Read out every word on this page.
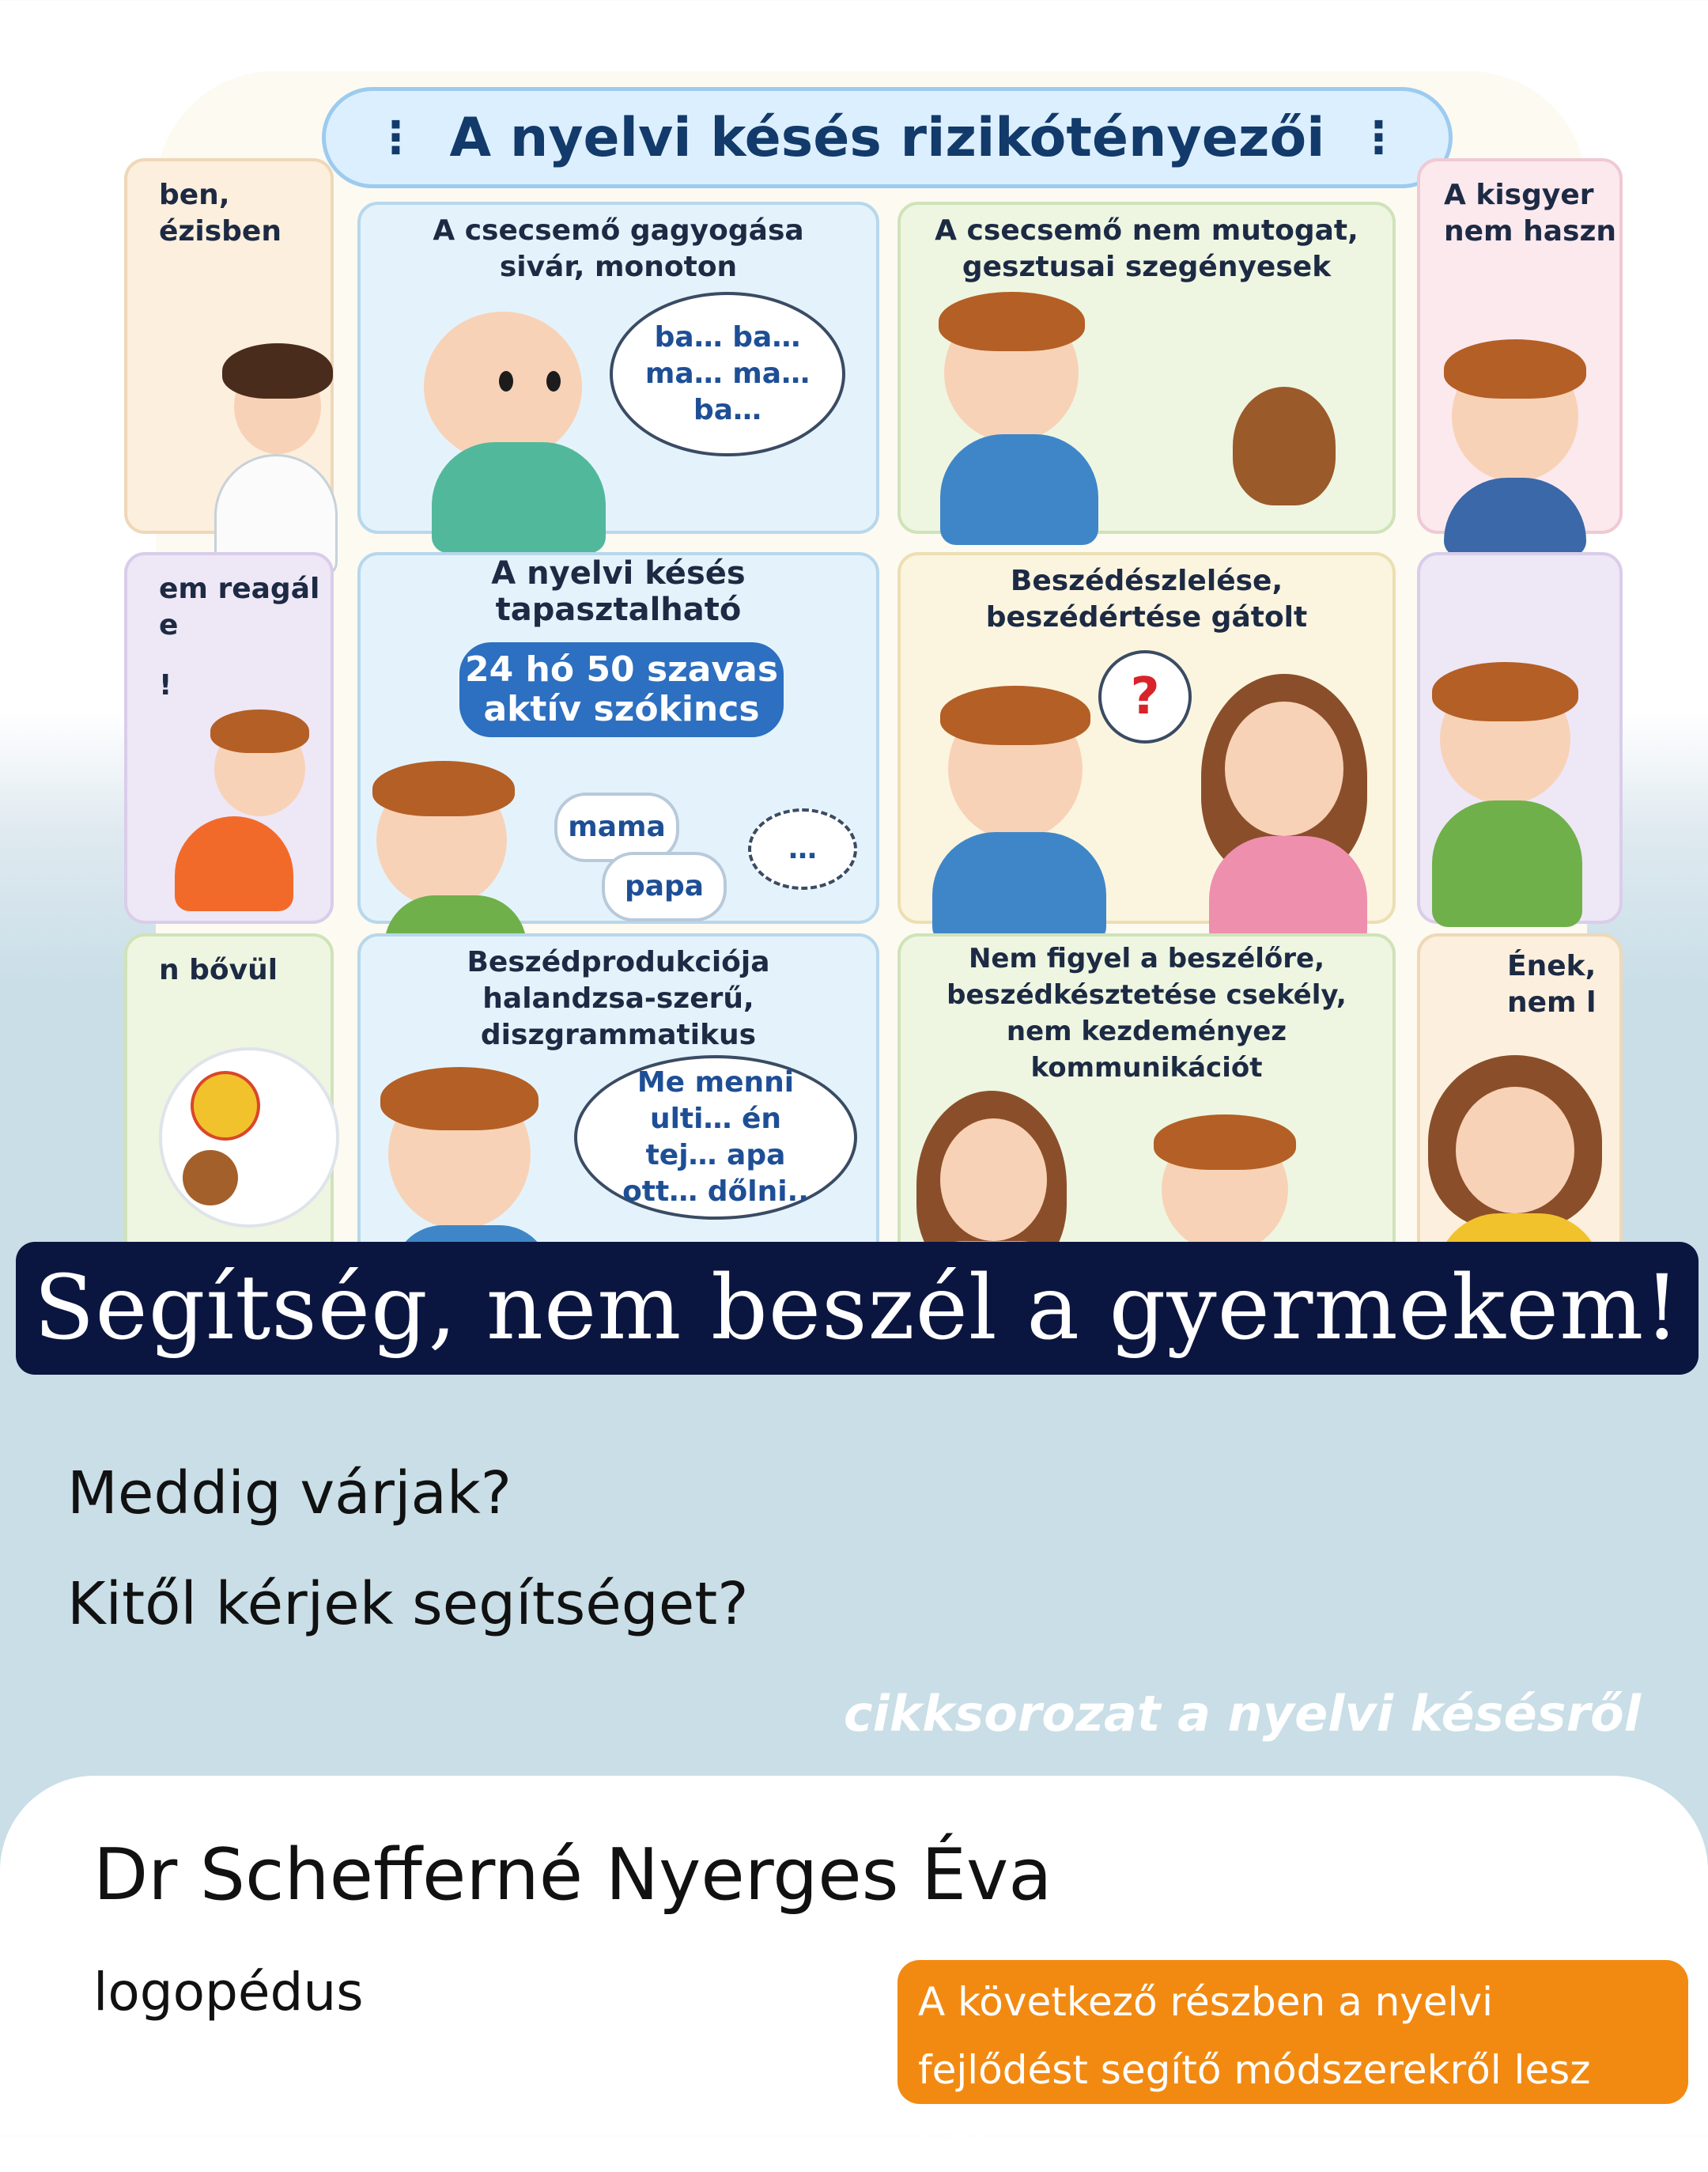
⋮ A nyelvi késés rizikótényezői ⋮
ben,
ézisben
em reagál
e
!
n bővül
A csecsemő gagyogása sivár, monoton
ba… ba… ma… ma… ba…
A csecsemő nem mutogat, gesztusai szegényesek
A kisgyer
nem haszn
Ének,
nem l
A nyelvi késés tapasztalható
24 hó 50 szavas aktív szókincs
mama
papa
…
Beszédészlelése, beszédértése gátolt
?
Beszédprodukciója halandzsa-szerű, diszgrammatikus
Me menni ulti… én tej… apa ott… dőlni..
Nem figyel a beszélőre, beszédkésztetése csekély, nem kezdeményez kommunikációt
Segítség, nem beszél a gyermekem!
Meddig várjak?
Kitől kérjek segítséget?
cikksorozat a nyelvi késésről
Dr Schefferné Nyerges Éva
logopédus	A következő részben a nyelvi fejlődést segítő módszerekről lesz szó
